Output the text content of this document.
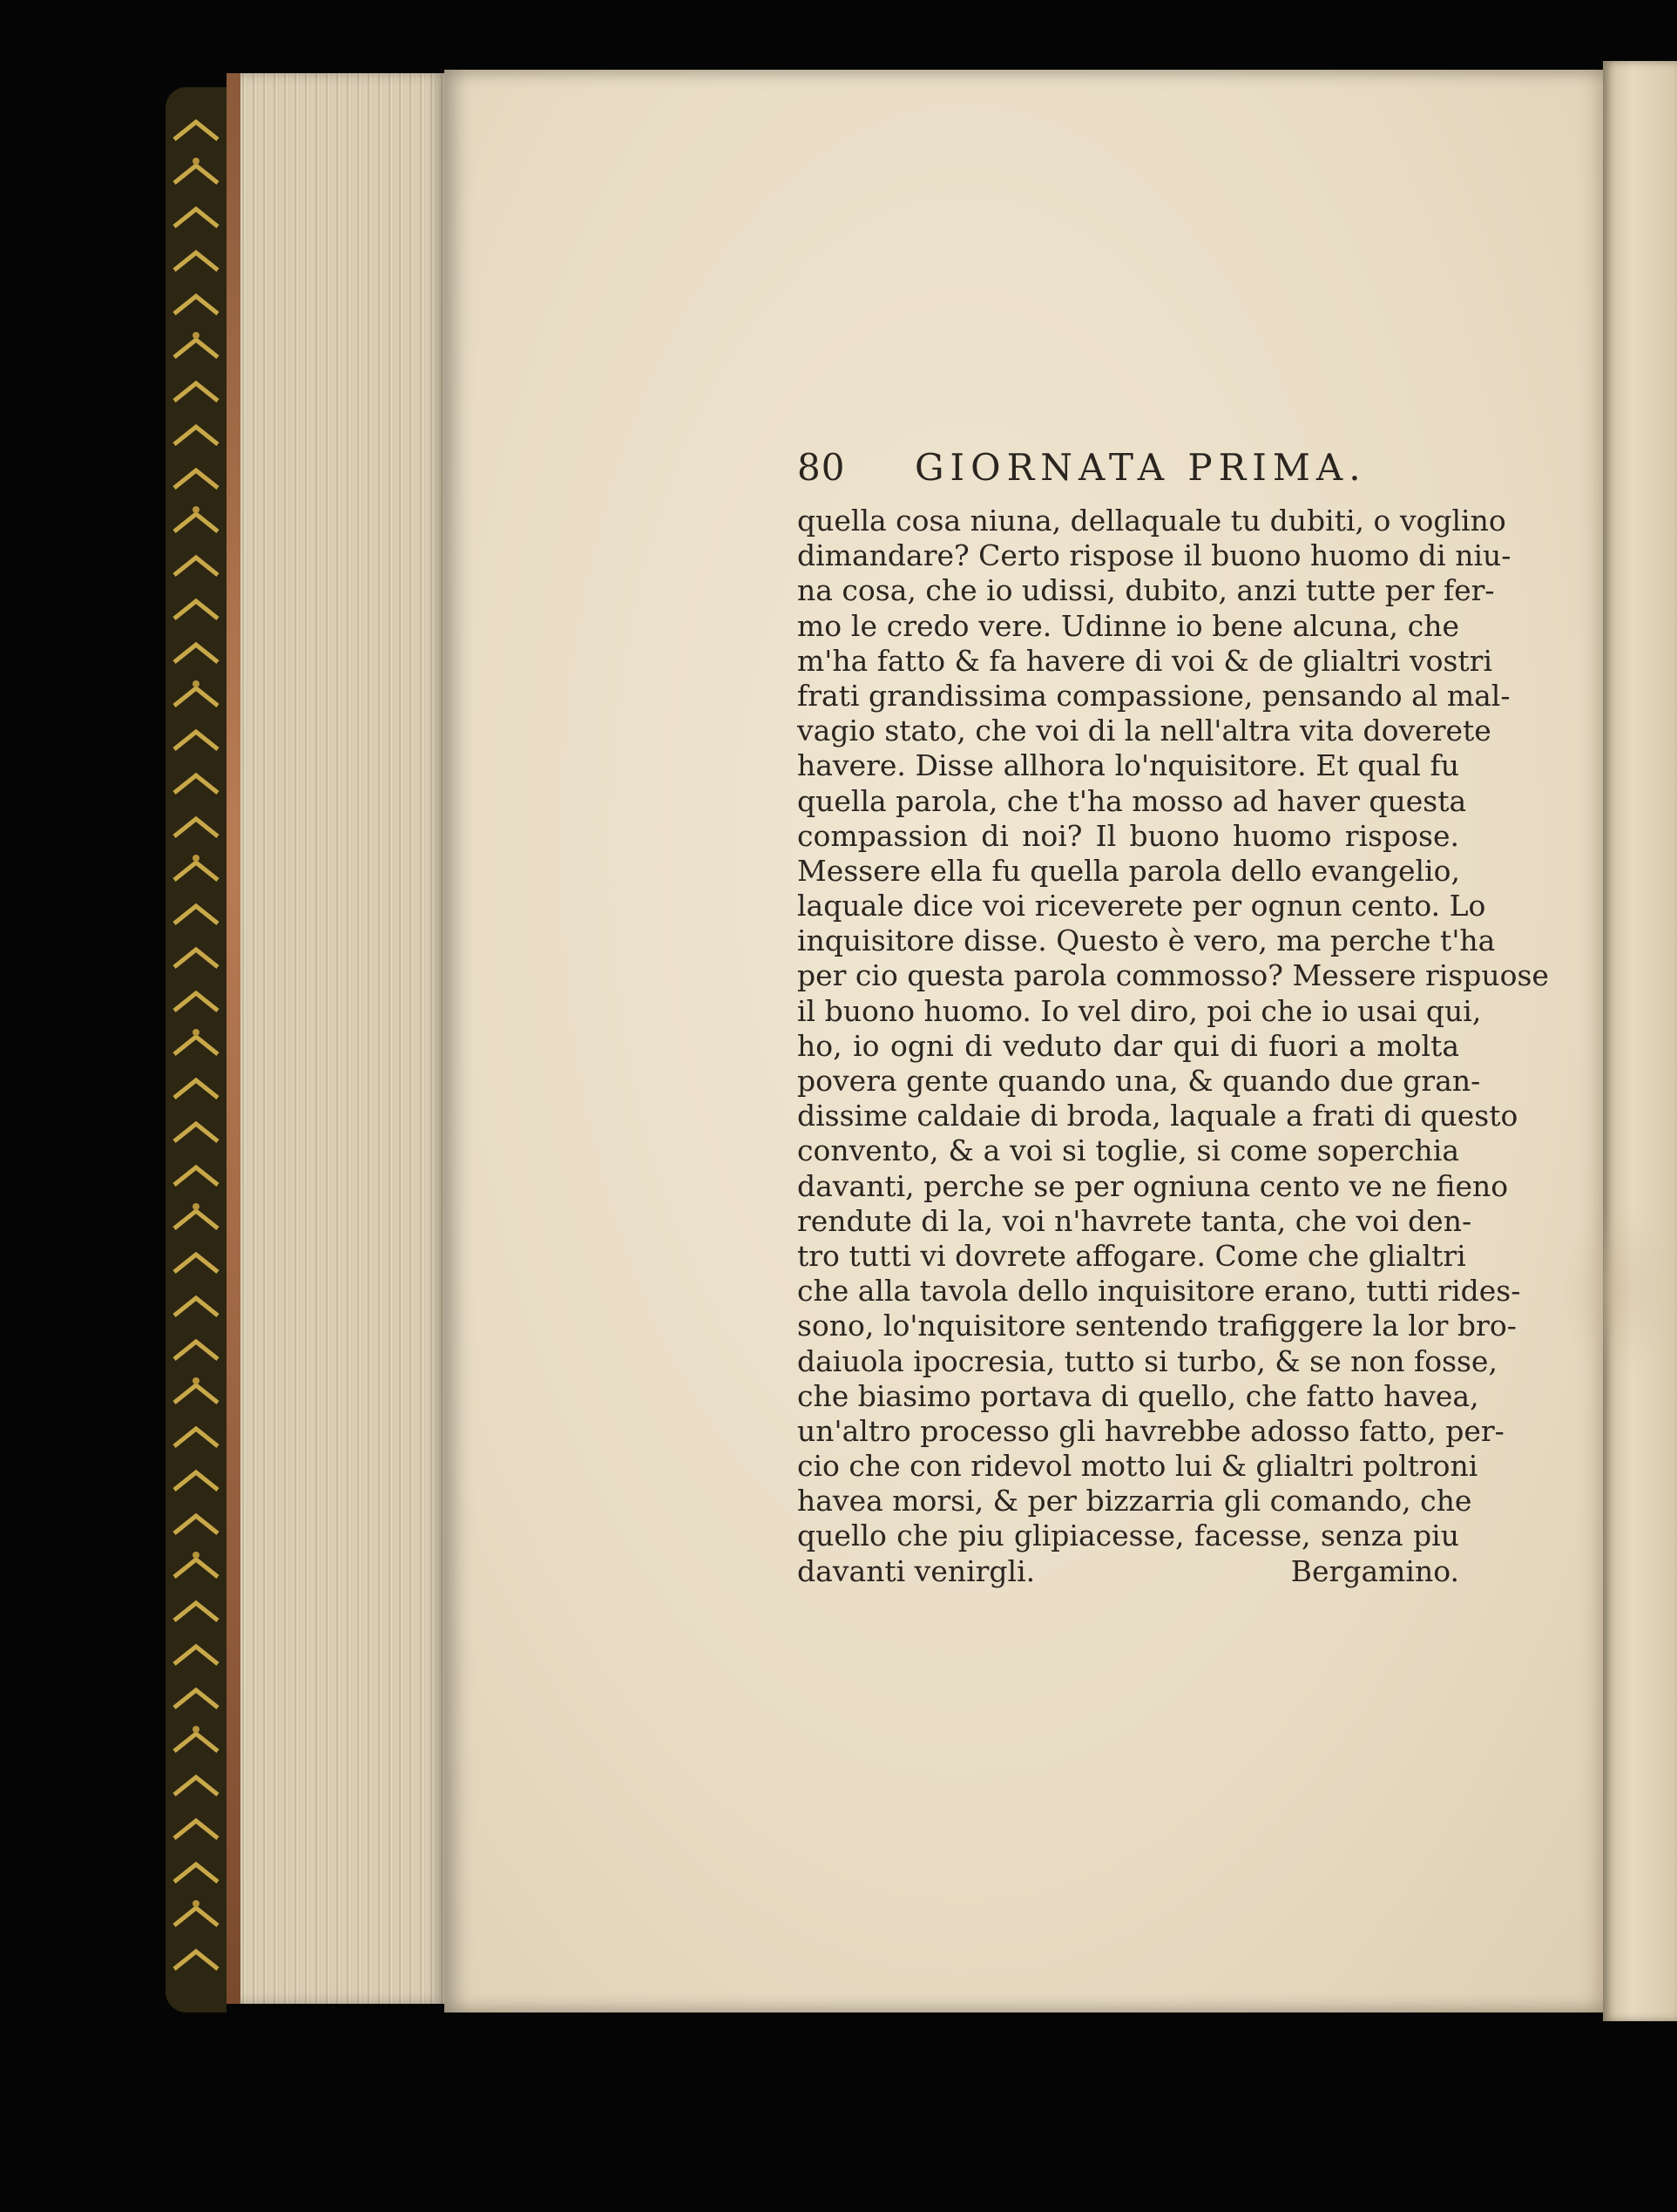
80 GIORNATA PRIMA.
quella cosa niuna, dellaquale tu dubiti, o voglino
dimandare? Certo rispose il buono huomo di niu-
na cosa, che io udissi, dubito, anzi tutte per fer-
mo le credo vere. Udinne io bene alcuna, che
m'ha fatto & fa havere di voi & de glialtri vostri
frati grandissima compassione, pensando al mal-
vagio stato, che voi di la nell'altra vita doverete
havere. Disse allhora lo'nquisitore. Et qual fu
quella parola, che t'ha mosso ad haver questa
compassion di noi? Il buono huomo rispose.
Messere ella fu quella parola dello evangelio,
laquale dice voi riceverete per ognun cento. Lo
inquisitore disse. Questo è vero, ma perche t'ha
per cio questa parola commosso? Messere rispuose
il buono huomo. Io vel diro, poi che io usai qui,
ho, io ogni di veduto dar qui di fuori a molta
povera gente quando una, & quando due gran-
dissime caldaie di broda, laquale a frati di questo
convento, & a voi si toglie, si come soperchia
davanti, perche se per ogniuna cento ve ne fieno
rendute di la, voi n'havrete tanta, che voi den-
tro tutti vi dovrete affogare. Come che glialtri
che alla tavola dello inquisitore erano, tutti rides-
sono, lo'nquisitore sentendo trafiggere la lor bro-
daiuola ipocresia, tutto si turbo, & se non fosse,
che biasimo portava di quello, che fatto havea,
un'altro processo gli havrebbe adosso fatto, per-
cio che con ridevol motto lui & glialtri poltroni
havea morsi, & per bizzarria gli comando, che
quello che piu glipiacesse, facesse, senza piu
davanti venirgli.	Bergamino.
